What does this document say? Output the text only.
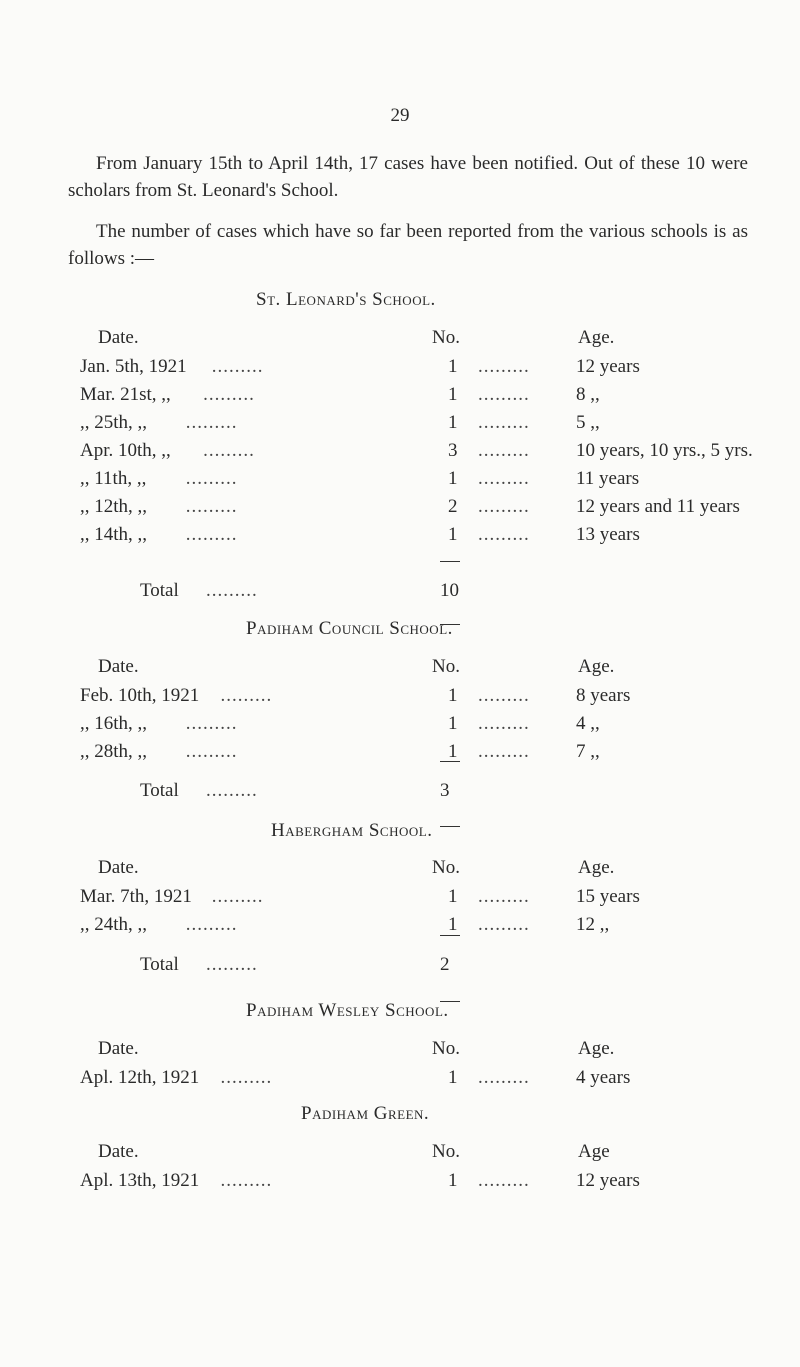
29

From January 15th to April 14th, 17 cases have been notified. Out of these 10 were scholars from St. Leonard's School.

The number of cases which have so far been reported from the various schools is as follows :—

St. Leonard's School.
Date.	No.	Age.
Jan. 5th, 1921 .........	1 ......... 12 years
Mar. 21st, ,, .........	1 ......... 8 ,,
,, 25th, ,, .........	1 ......... 5 ,,
Apr. 10th, ,, .........	3 ......... 10 years, 10 yrs., 5 yrs.
,, 11th, ,, .........	1 ......... 11 years
,, 12th, ,, .........	2 ......... 12 years and 11 years
,, 14th, ,, .........	1 ......... 13 years
Total .........	10
Padiham Council School.
Date.	No.	Age.
Feb. 10th, 1921 .........	1 ......... 8 years
,, 16th, ,, .........	1 ......... 4 ,,
,, 28th, ,, .........	1 ......... 7 ,,
Total .........	3
Habergham School.
Date.	No.	Age.
Mar. 7th, 1921 .........	1 ......... 15 years
,, 24th, ,, .........	1 ......... 12 ,,
Total .........	2
Padiham Wesley School.
Date.	No.	Age.
Apl. 12th, 1921 .........	1 ......... 4 years
Padiham Green.
Date.	No.	Age
Apl. 13th, 1921 .........	1 ......... 12 years
